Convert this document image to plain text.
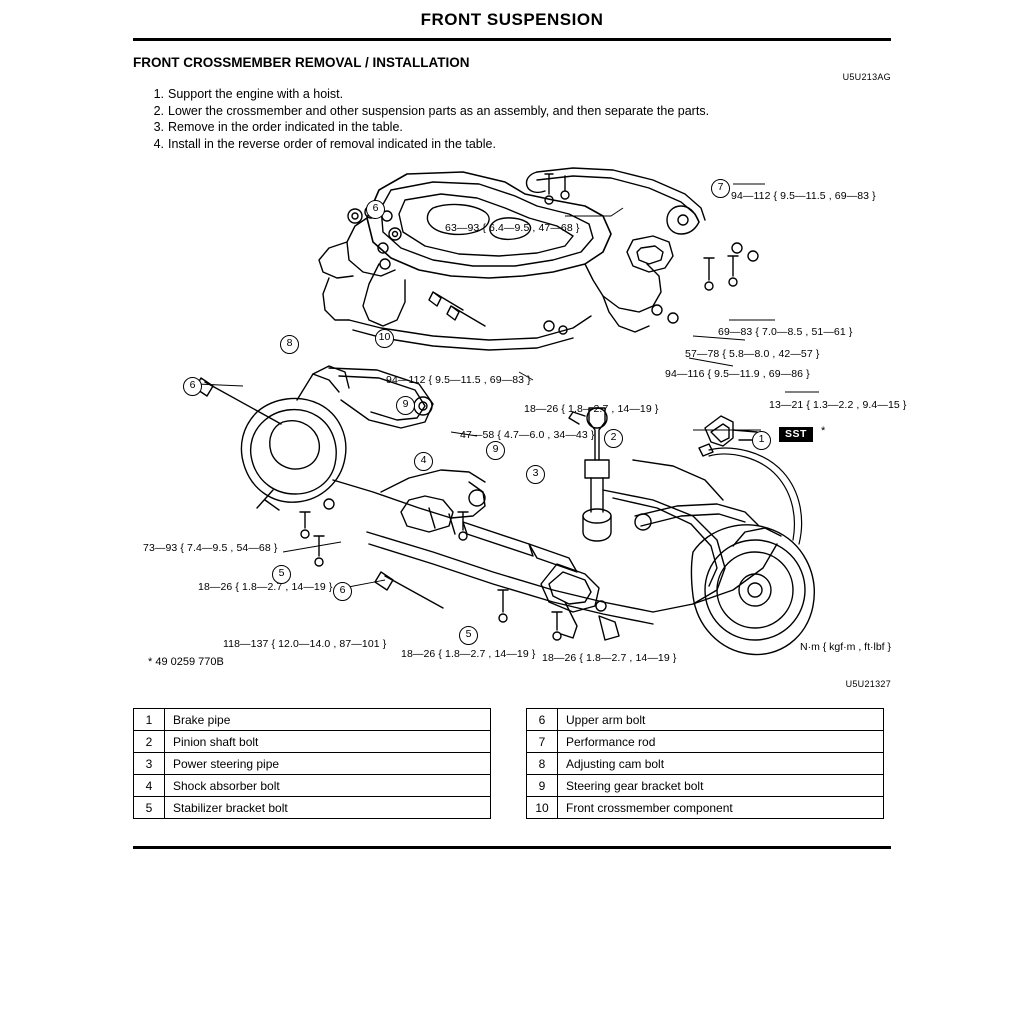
FRONT SUSPENSION
FRONT CROSSMEMBER REMOVAL / INSTALLATION
U5U213AG
1. Support the engine with a hoist.
2. Lower the crossmember and other suspension parts as an assembly, and then separate the parts.
3. Remove in the order indicated in the table.
4. Install in the reverse order of removal indicated in the table.
7
6
8	10
6
9
4
9
2
3
1
5
6
5
SST	*
94—112 { 9.5—11.5 , 69—83 }
63—93 { 6.4—9.5 , 47—68 }
69—83 { 7.0—8.5 , 51—61 }
57—78 { 5.8—8.0 , 42—57 }
94—116 { 9.5—11.9 , 69—86 }
94—112 { 9.5—11.5 , 69—83 }
13—21 { 1.3—2.2 , 9.4—15 }
18—26 { 1.8—2.7 , 14—19 }
47—58 { 4.7—6.0 , 34—43 }
73—93 { 7.4—9.5 , 54—68 }
18—26 { 1.8—2.7 , 14—19 }
118—137 { 12.0—14.0 , 87—101 }
18—26 { 1.8—2.7 , 14—19 } 18—26 { 1.8—2.7 , 14—19 }
N·m { kgf·m , ft·lbf }
* 49 0259 770B
U5U21327
1	Brake pipe
2	Pinion shaft bolt
3	Power steering pipe
4	Shock absorber bolt
5	Stabilizer bracket bolt
6	Upper arm bolt
7	Performance rod
8	Adjusting cam bolt
9	Steering gear bracket bolt
10	Front crossmember component
